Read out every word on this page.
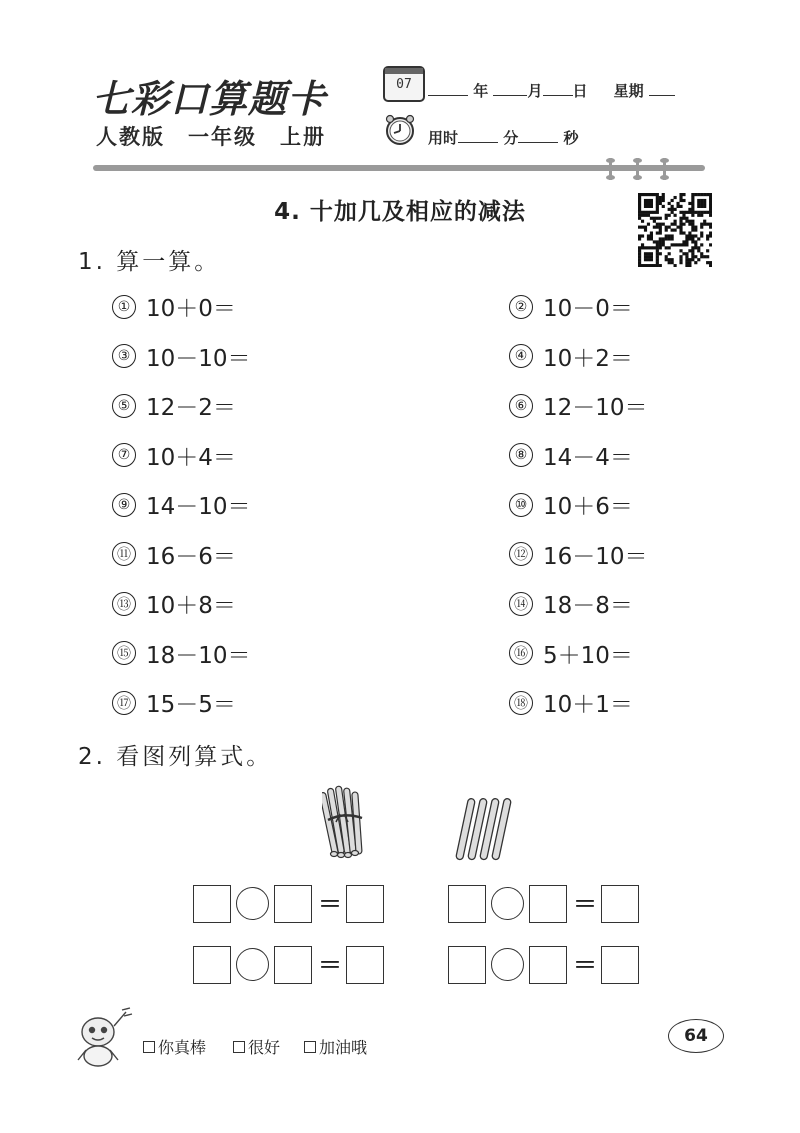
七彩口算题卡
人教版　一年级　上册
07	年	月 日 星期
用时	分	秒
4. 十加几及相应的减法
1. 算一算。
① 10＋0＝	② 10－0＝
③ 10－10＝	④ 10＋2＝
⑤ 12－2＝	⑥ 12－10＝
⑦ 10＋4＝	⑧ 14－4＝
⑨ 14－10＝	⑩ 10＋6＝
⑪ 16－6＝	⑫ 16－10＝
⑬ 10＋8＝	⑭ 18－8＝
⑮ 18－10＝	⑯ 5＋10＝
⑰ 15－5＝	⑱ 10＋1＝
2. 看图列算式。
＝	＝
＝	＝
你真棒	很好 加油哦
64
